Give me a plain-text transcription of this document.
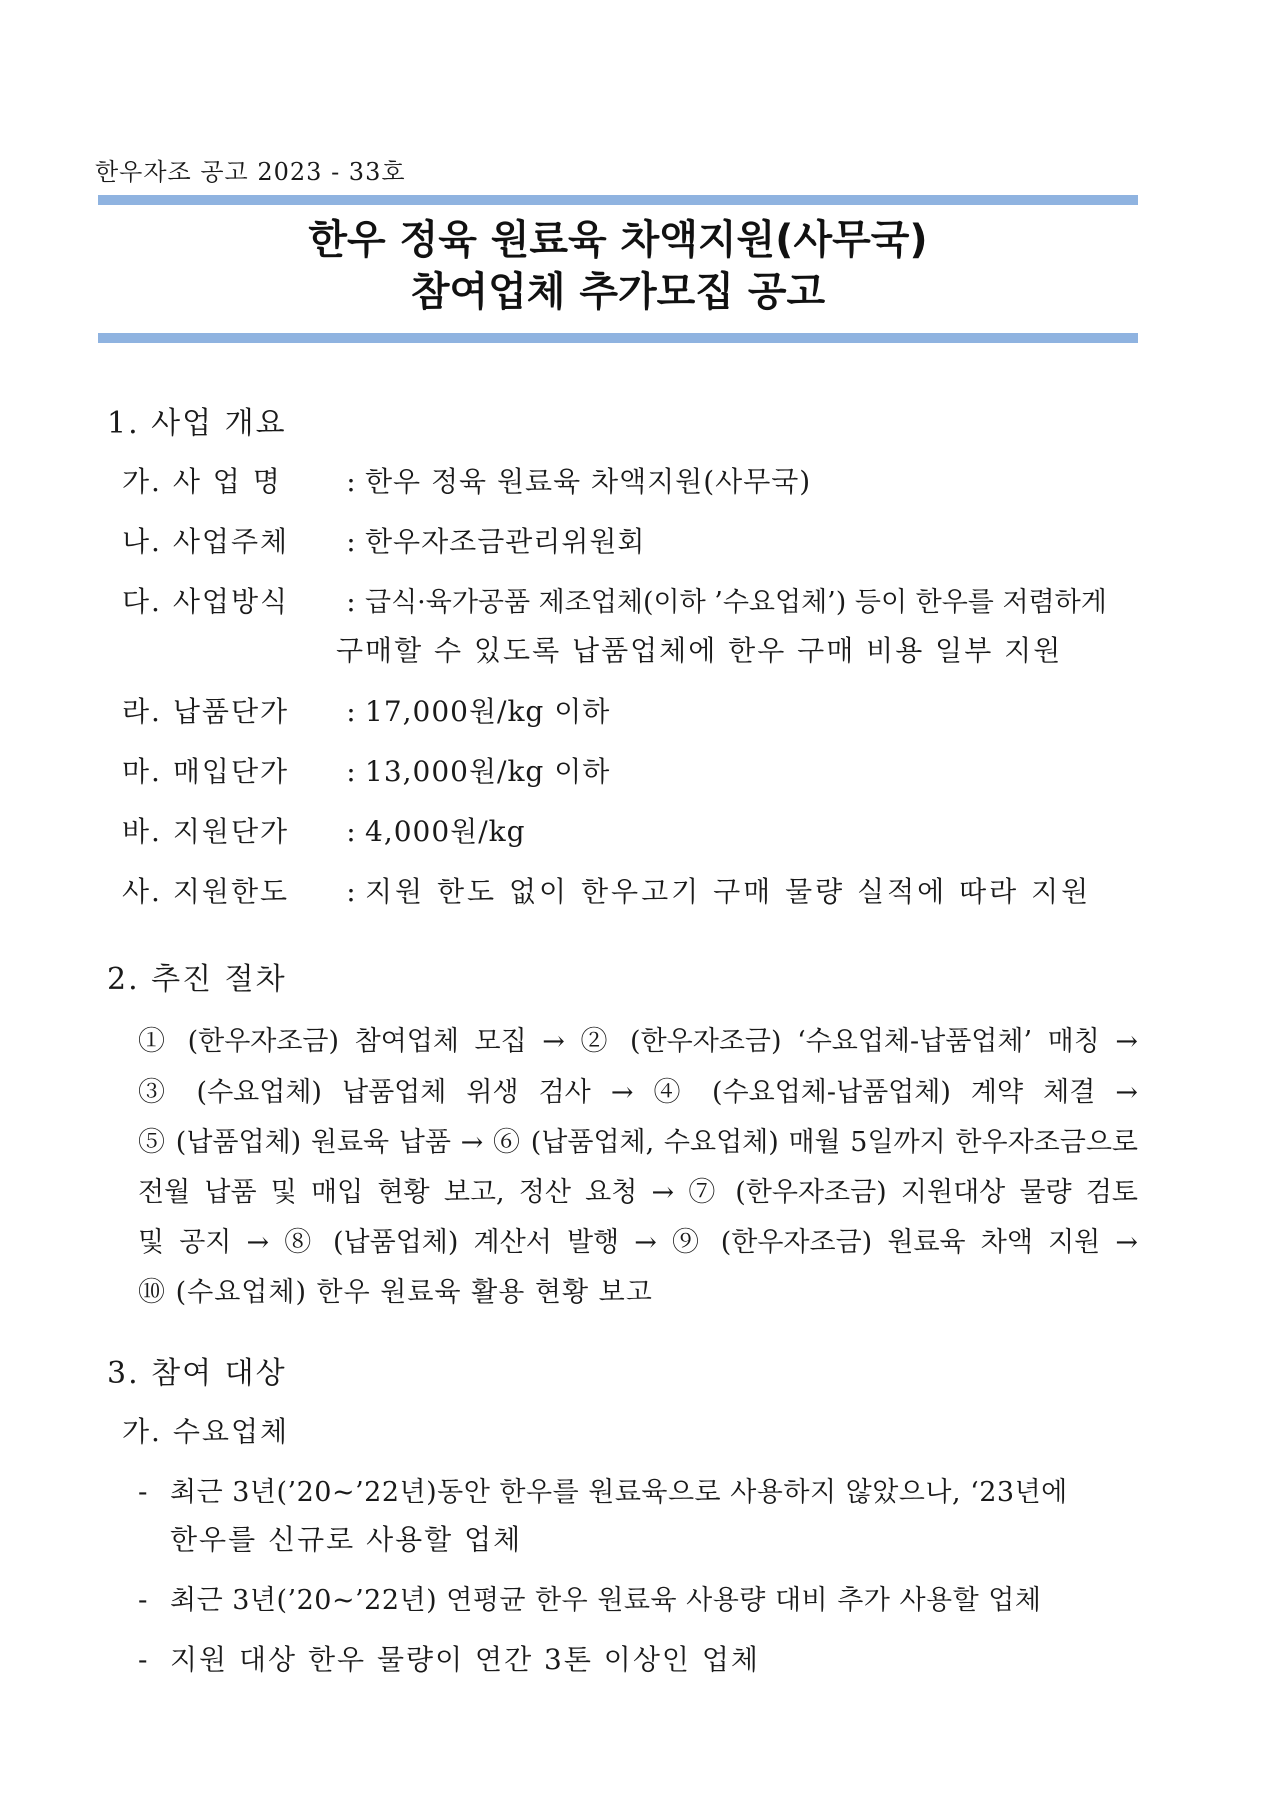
한우자조 공고 2023 - 33호
한우 정육 원료육 차액지원(사무국)
참여업체 추가모집 공고
1. 사업 개요
가. 사 업 명 : 한우 정육 원료육 차액지원(사무국)
나. 사업주체 : 한우자조금관리위원회
다. 사업방식 : 급식·육가공품 제조업체(이하 ’수요업체’) 등이 한우를 저렴하게
구매할 수 있도록 납품업체에 한우 구매 비용 일부 지원
라. 납품단가 : 17,000원/kg 이하
마. 매입단가 : 13,000원/kg 이하
바. 지원단가 : 4,000원/kg
사. 지원한도 : 지원 한도 없이 한우고기 구매 물량 실적에 따라 지원
2. 추진 절차
① (한우자조금) 참여업체 모집 → ② (한우자조금) ‘수요업체-납품업체’ 매칭 →
③ (수요업체) 납품업체 위생 검사 → ④ (수요업체-납품업체) 계약 체결 →
⑤ (납품업체) 원료육 납품 → ⑥ (납품업체, 수요업체) 매월 5일까지 한우자조금으로
전월 납품 및 매입 현황 보고, 정산 요청 → ⑦ (한우자조금) 지원대상 물량 검토
및 공지 → ⑧ (납품업체) 계산서 발행 → ⑨ (한우자조금) 원료육 차액 지원 →
⑩ (수요업체) 한우 원료육 활용 현황 보고
3. 참여 대상
가. 수요업체
- 최근 3년(’20~’22년)동안 한우를 원료육으로 사용하지 않았으나, ‘23년에
한우를 신규로 사용할 업체
- 최근 3년(’20~’22년) 연평균 한우 원료육 사용량 대비 추가 사용할 업체
- 지원 대상 한우 물량이 연간 3톤 이상인 업체
